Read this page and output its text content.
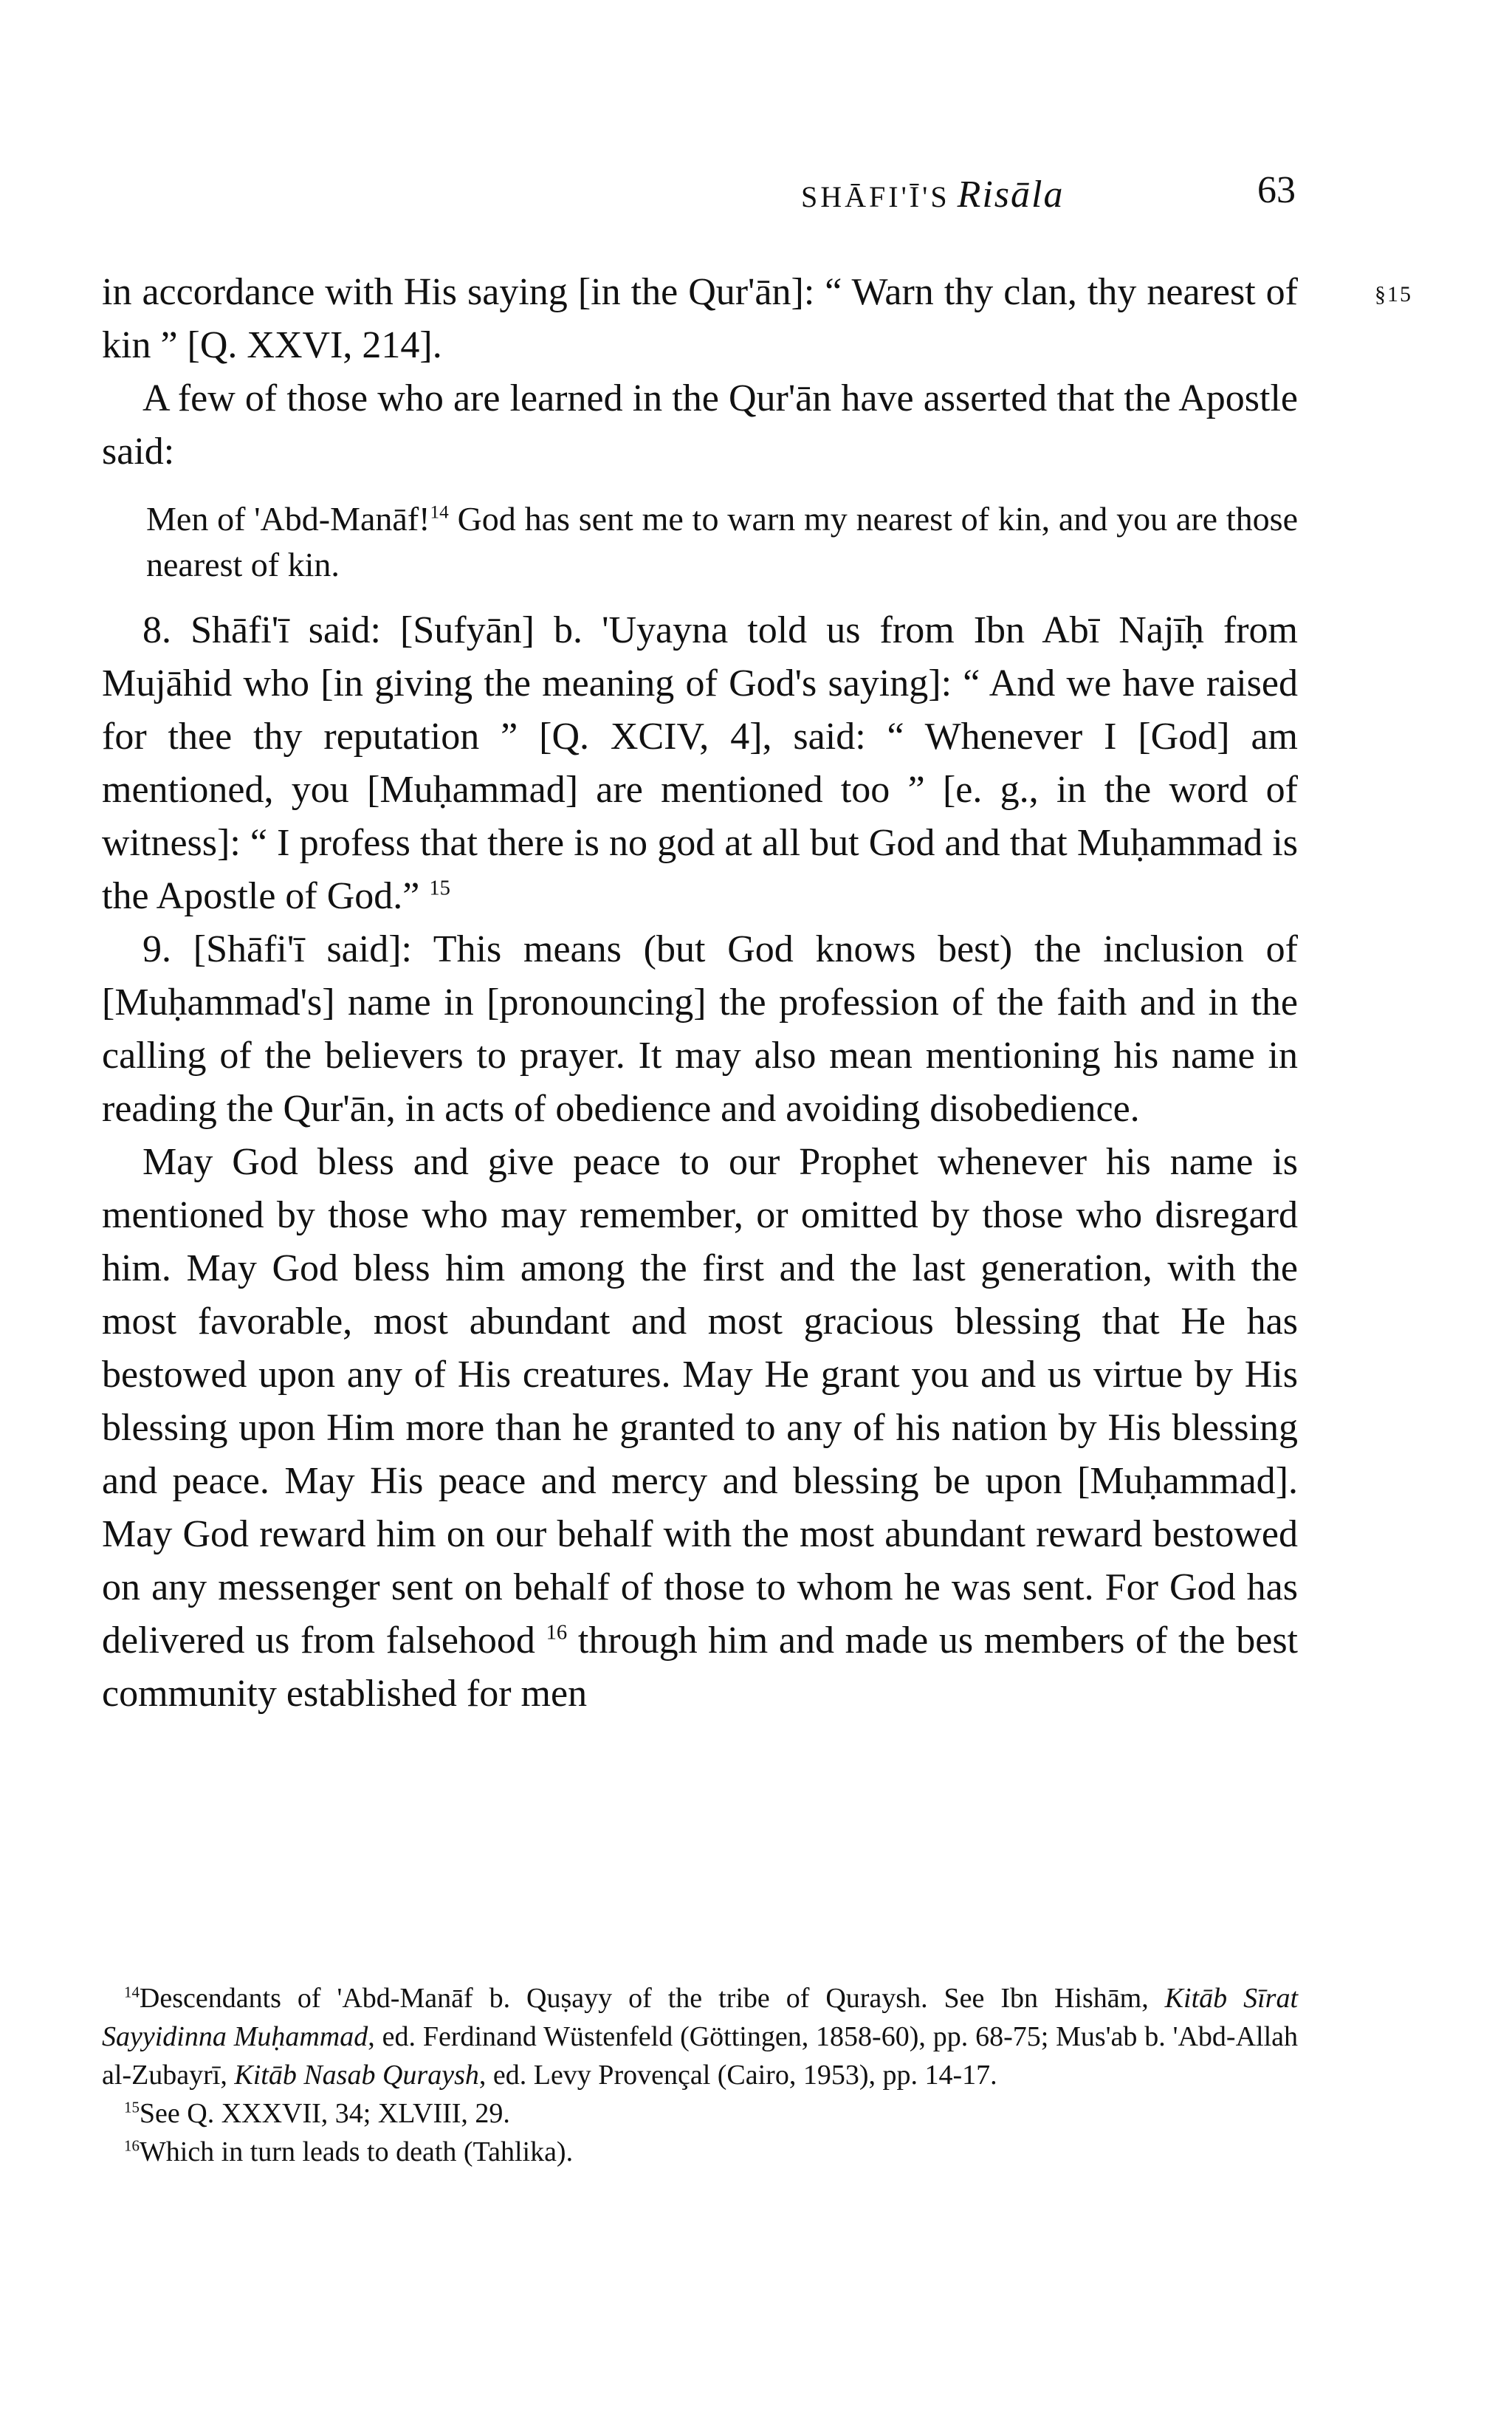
SHĀFI'Ī'S Risāla	63
§15

in accordance with His saying [in the Qur'ān]: “ Warn thy clan, thy nearest of kin ” [Q. XXVI, 214].

A few of those who are learned in the Qur'ān have asserted that the Apostle said:

Men of 'Abd-Manāf!$^{14}$ God has sent me to warn my nearest of kin, and you are those nearest of kin.

8. Shāfi'ī said: [Sufyān] b. 'Uyayna told us from Ibn Abī Najīḥ from Mujāhid who [in giving the meaning of God's saying]: “ And we have raised for thee thy reputation ” [Q. XCIV, 4], said: “ Whenever I [God] am mentioned, you [Muḥammad] are mentioned too ” [e. g., in the word of witness]: “ I profess that there is no god at all but God and that Muḥammad is the Apostle of God.” $^{15}$

9. [Shāfi'ī said]: This means (but God knows best) the inclusion of [Muḥammad's] name in [pronouncing] the profession of the faith and in the calling of the believers to prayer. It may also mean mentioning his name in reading the Qur'ān, in acts of obedience and avoiding disobedience.

May God bless and give peace to our Prophet whenever his name is mentioned by those who may remember, or omitted by those who disregard him. May God bless him among the first and the last generation, with the most favorable, most abundant and most gracious blessing that He has bestowed upon any of His creatures. May He grant you and us virtue by His blessing upon Him more than he granted to any of his nation by His blessing and peace. May His peace and mercy and blessing be upon [Muḥammad]. May God reward him on our behalf with the most abundant reward bestowed on any messenger sent on behalf of those to whom he was sent. For God has delivered us from falsehood $^{16}$ through him and made us members of the best community established for men

$^{14}$Descendants of 'Abd-Manāf b. Quṣayy of the tribe of Quraysh. See Ibn Hishām, Kitāb Sīrat Sayyidinna Muḥammad, ed. Ferdinand Wüstenfeld (Göttingen, 1858-60), pp. 68-75; Mus'ab b. 'Abd-Allah al-Zubayrī, Kitāb Nasab Quraysh, ed. Levy Provençal (Cairo, 1953), pp. 14-17.

$^{15}$See Q. XXXVII, 34; XLVIII, 29.

$^{16}$Which in turn leads to death (Tahlika).
